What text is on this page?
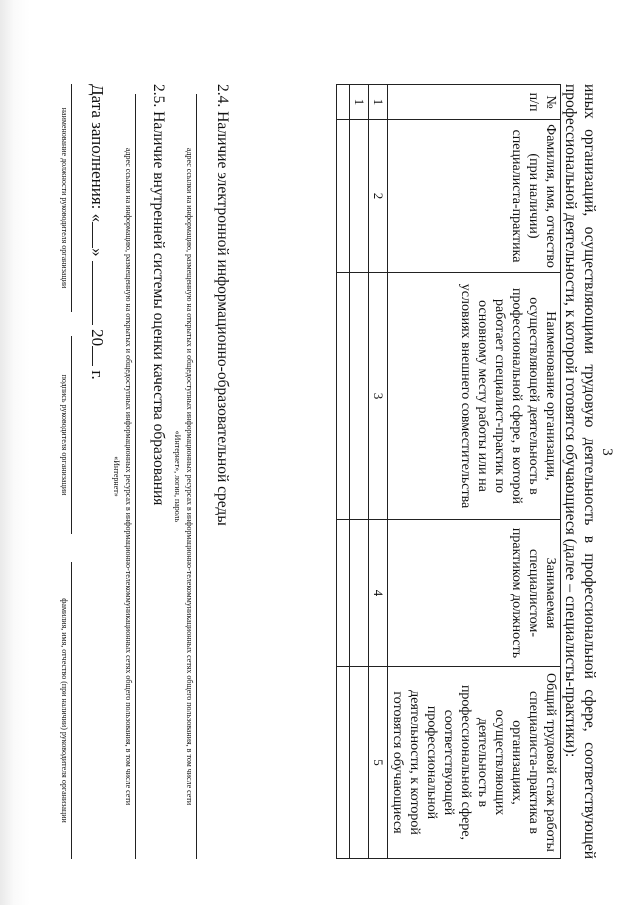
3
иных организаций, осуществляющими трудовую деятельность в профессиональной сфере, соответствующей профессиональной деятельности, к которой готовятся обучающиеся (далее – специалисты-практики):
№ п/п	Фамилия, имя, отчество (при наличии) специалиста-практика	Наименование организации, осуществляющей деятельность в профессиональной сфере, в которой работает специалист-практик по основному месту работы или на условиях внешнего совместительства	Занимаемая специалистом-практиком должность	Общий трудовой стаж работы специалиста-практика в организациях, осуществляющих деятельность в профессиональной сфере, соответствующей профессиональной деятельности, к которой готовятся обучающиеся
1	2	3	4	5
1				

2.4. Наличие электронной информационно-образовательной среды
адрес ссылки на информацию, размещенную на открытых и общедоступных информационных ресурсах в информационно-телекоммуникационных сетях общего пользования, в том числе сети
«Интернет», логин, пароль
2.5. Наличие внутренней системы оценки качества образования
адрес ссылки на информацию, размещенную на открытых и общедоступных информационных ресурсах в информационно-телекоммуникационных сетях общего пользования, в том числе сети
«Интернет»
Дата заполнения: «»  20 г.
наименование должности руководителя организации
подпись руководителя организации
фамилия, имя, отчество (при наличии) руководителя организации
